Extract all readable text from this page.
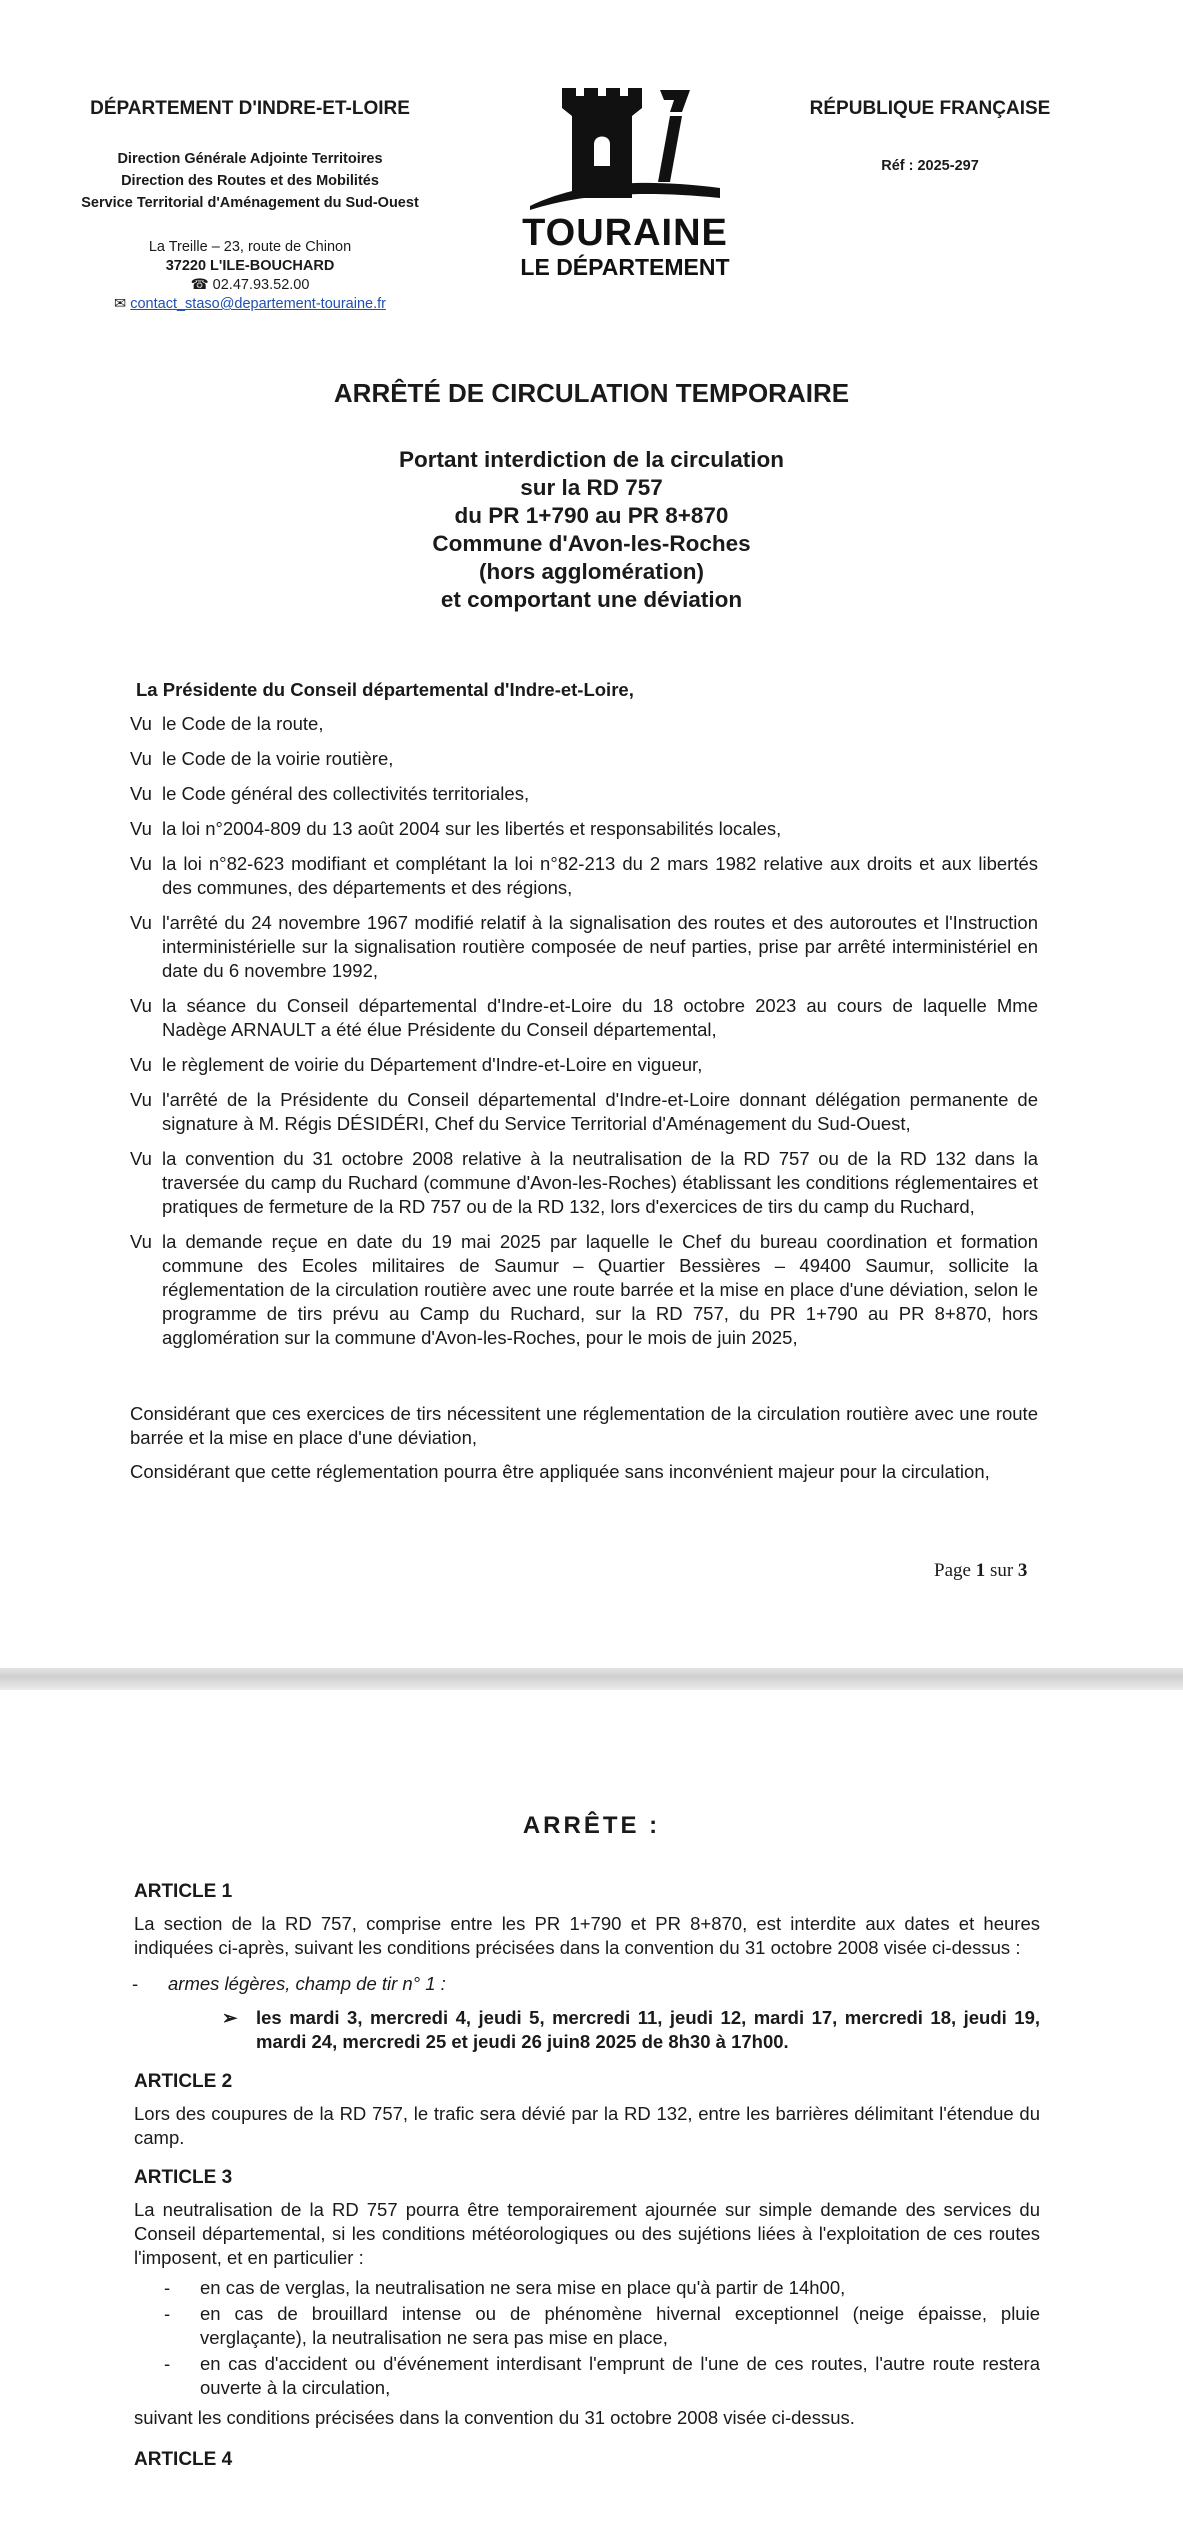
DÉPARTEMENT D'INDRE-ET-LOIRE
Direction Générale Adjointe Territoires
Direction des Routes et des Mobilités
Service Territorial d'Aménagement du Sud-Ouest
La Treille – 23, route de Chinon
37220 L'ILE-BOUCHARD
☎ 02.47.93.52.00
✉ contact_staso@departement-touraine.fr
TOURAINE
LE DÉPARTEMENT
RÉPUBLIQUE FRANÇAISE
Réf : 2025-297
ARRÊTÉ DE CIRCULATION TEMPORAIRE
Portant interdiction de la circulation
sur la RD 757
du PR 1+790 au PR 8+870
Commune d'Avon-les-Roches
(hors agglomération)
et comportant une déviation
La Présidente du Conseil départemental d'Indre-et-Loire,
Vu le Code de la route,
Vu le Code de la voirie routière,
Vu le Code général des collectivités territoriales,
Vu la loi n°2004-809 du 13 août 2004 sur les libertés et responsabilités locales,
Vu la loi n°82-623 modifiant et complétant la loi n°82-213 du 2 mars 1982 relative aux droits et aux libertés des communes, des départements et des régions,
Vu l'arrêté du 24 novembre 1967 modifié relatif à la signalisation des routes et des autoroutes et l'Instruction interministérielle sur la signalisation routière composée de neuf parties, prise par arrêté interministériel en date du 6 novembre 1992,
Vu la séance du Conseil départemental d'Indre-et-Loire du 18 octobre 2023 au cours de laquelle Mme Nadège ARNAULT a été élue Présidente du Conseil départemental,
Vu le règlement de voirie du Département d'Indre-et-Loire en vigueur,
Vu l'arrêté de la Présidente du Conseil départemental d'Indre-et-Loire donnant délégation permanente de signature à M. Régis DÉSIDÉRI, Chef du Service Territorial d'Aménagement du Sud-Ouest,
Vu la convention du 31 octobre 2008 relative à la neutralisation de la RD 757 ou de la RD 132 dans la traversée du camp du Ruchard (commune d'Avon-les-Roches) établissant les conditions réglementaires et pratiques de fermeture de la RD 757 ou de la RD 132, lors d'exercices de tirs du camp du Ruchard,
Vu la demande reçue en date du 19 mai 2025 par laquelle le Chef du bureau coordination et formation commune des Ecoles militaires de Saumur – Quartier Bessières – 49400 Saumur, sollicite la réglementation de la circulation routière avec une route barrée et la mise en place d'une déviation, selon le programme de tirs prévu au Camp du Ruchard, sur la RD 757, du PR 1+790 au PR 8+870, hors agglomération sur la commune d'Avon-les-Roches, pour le mois de juin 2025,
Considérant que ces exercices de tirs nécessitent une réglementation de la circulation routière avec une route barrée et la mise en place d'une déviation,
Considérant que cette réglementation pourra être appliquée sans inconvénient majeur pour la circulation,
Page 1 sur 3
ARRÊTE :
ARTICLE 1
La section de la RD 757, comprise entre les PR 1+790 et PR 8+870, est interdite aux dates et heures indiquées ci-après, suivant les conditions précisées dans la convention du 31 octobre 2008 visée ci-dessus :
-	armes légères, champ de tir n° 1 :
➢ les mardi 3, mercredi 4, jeudi 5, mercredi 11, jeudi 12, mardi 17, mercredi 18, jeudi 19, mardi 24, mercredi 25 et jeudi 26 juin8 2025 de 8h30 à 17h00.
ARTICLE 2
Lors des coupures de la RD 757, le trafic sera dévié par la RD 132, entre les barrières délimitant l'étendue du camp.
ARTICLE 3
La neutralisation de la RD 757 pourra être temporairement ajournée sur simple demande des services du Conseil départemental, si les conditions météorologiques ou des sujétions liées à l'exploitation de ces routes l'imposent, et en particulier :
-	en cas de verglas, la neutralisation ne sera mise en place qu'à partir de 14h00,
-	en cas de brouillard intense ou de phénomène hivernal exceptionnel (neige épaisse, pluie verglaçante), la neutralisation ne sera pas mise en place,
-	en cas d'accident ou d'événement interdisant l'emprunt de l'une de ces routes, l'autre route restera ouverte à la circulation,
suivant les conditions précisées dans la convention du 31 octobre 2008 visée ci-dessus.
ARTICLE 4
